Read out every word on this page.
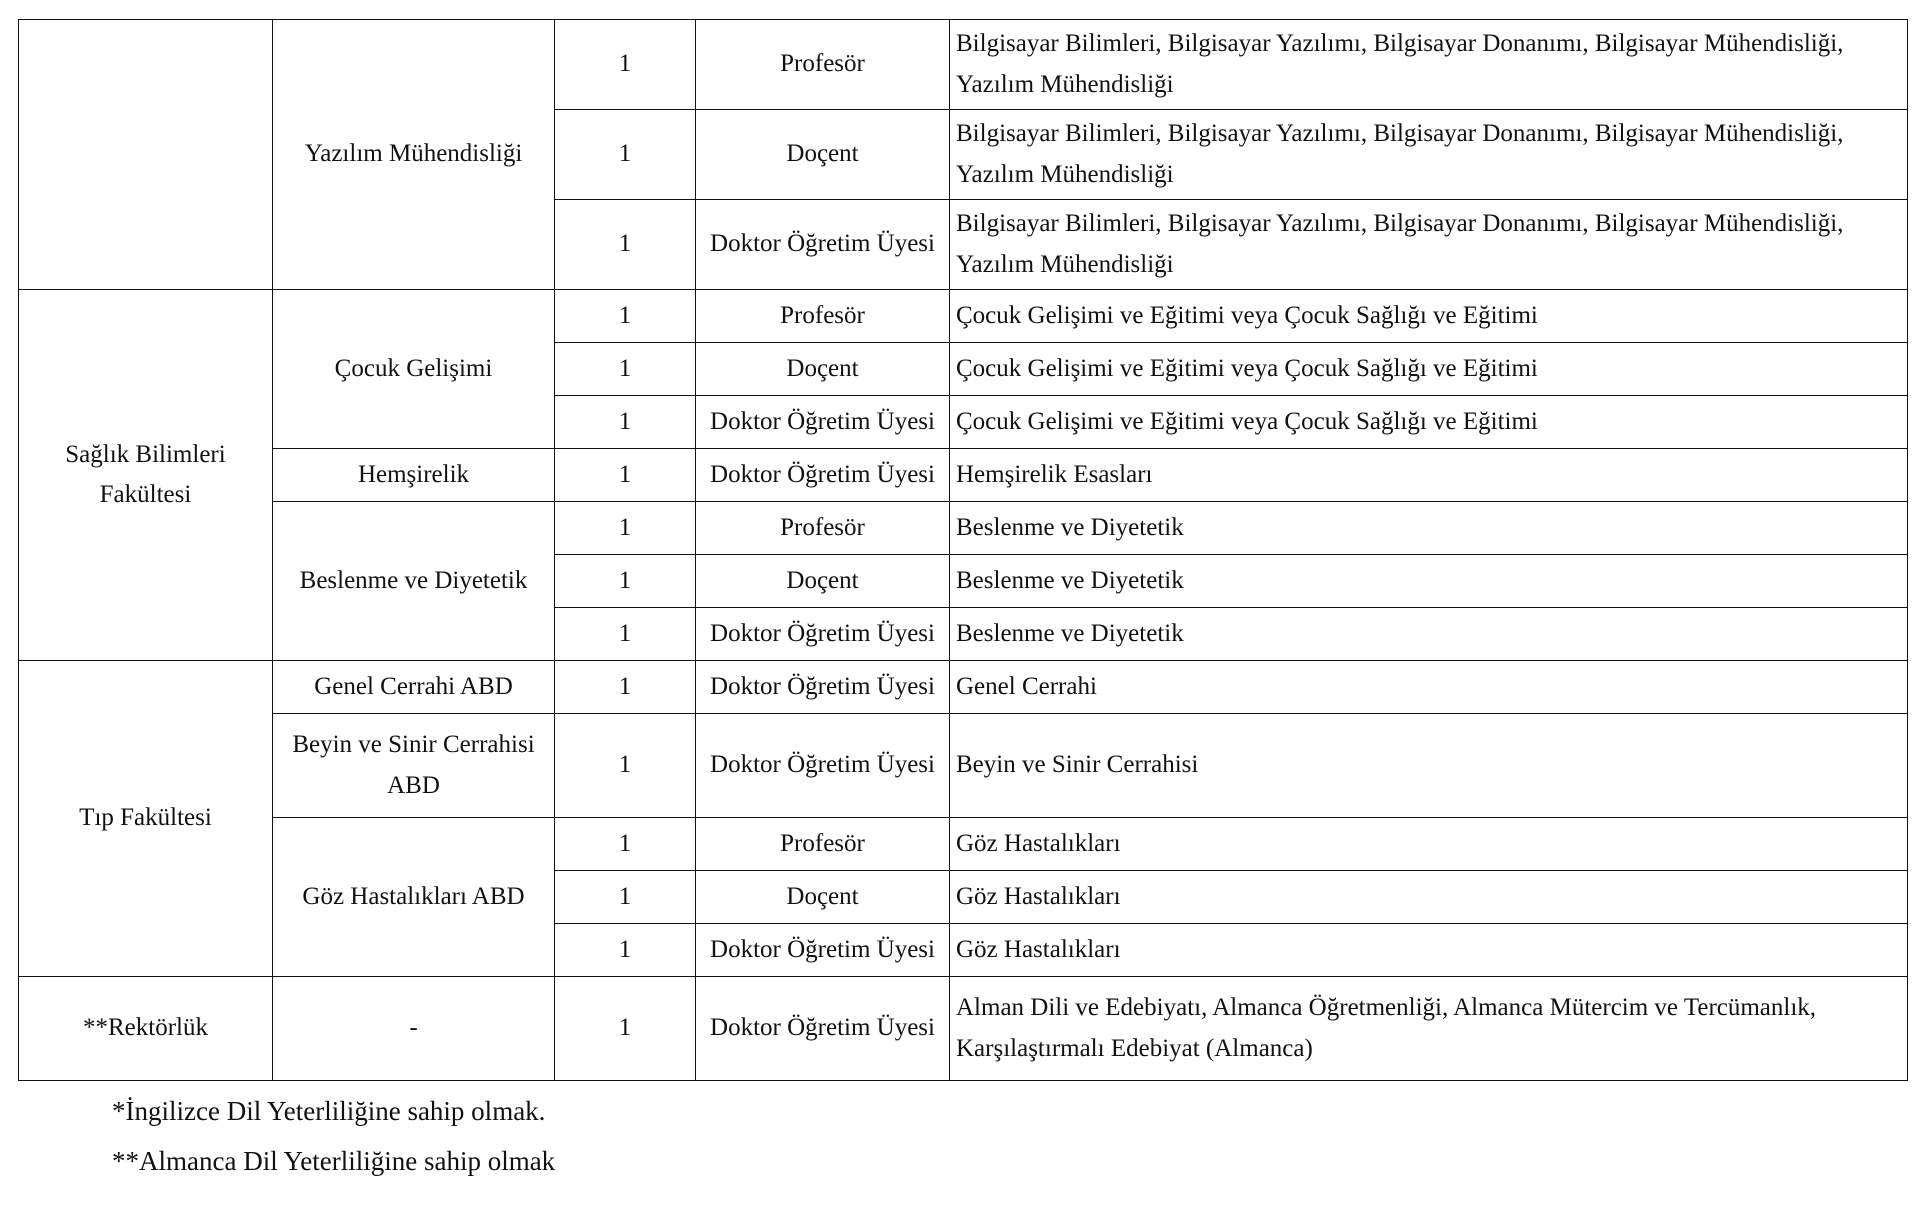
	Yazılım Mühendisliği	1	Profesör	Bilgisayar Bilimleri, Bilgisayar Yazılımı, Bilgisayar Donanımı, Bilgisayar Mühendisliği, Yazılım Mühendisliği
		1	Doçent	Bilgisayar Bilimleri, Bilgisayar Yazılımı, Bilgisayar Donanımı, Bilgisayar Mühendisliği, Yazılım Mühendisliği
		1	Doktor Öğretim Üyesi	Bilgisayar Bilimleri, Bilgisayar Yazılımı, Bilgisayar Donanımı, Bilgisayar Mühendisliği, Yazılım Mühendisliği
Sağlık Bilimleri Fakültesi	Çocuk Gelişimi	1	Profesör	Çocuk Gelişimi ve Eğitimi veya Çocuk Sağlığı ve Eğitimi
		1	Doçent	Çocuk Gelişimi ve Eğitimi veya Çocuk Sağlığı ve Eğitimi
		1	Doktor Öğretim Üyesi	Çocuk Gelişimi ve Eğitimi veya Çocuk Sağlığı ve Eğitimi
	Hemşirelik	1	Doktor Öğretim Üyesi	Hemşirelik Esasları
	Beslenme ve Diyetetik	1	Profesör	Beslenme ve Diyetetik
		1	Doçent	Beslenme ve Diyetetik
		1	Doktor Öğretim Üyesi	Beslenme ve Diyetetik
Tıp Fakültesi	Genel Cerrahi ABD	1	Doktor Öğretim Üyesi	Genel Cerrahi
	Beyin ve Sinir Cerrahisi ABD	1	Doktor Öğretim Üyesi	Beyin ve Sinir Cerrahisi
	Göz Hastalıkları ABD	1	Profesör	Göz Hastalıkları
		1	Doçent	Göz Hastalıkları
		1	Doktor Öğretim Üyesi	Göz Hastalıkları
**Rektörlük	-	1	Doktor Öğretim Üyesi	Alman Dili ve Edebiyatı, Almanca Öğretmenliği, Almanca Mütercim ve Tercümanlık, Karşılaştırmalı Edebiyat (Almanca)

*İngilizce Dil Yeterliliğine sahip olmak.

**Almanca Dil Yeterliliğine sahip olmak
